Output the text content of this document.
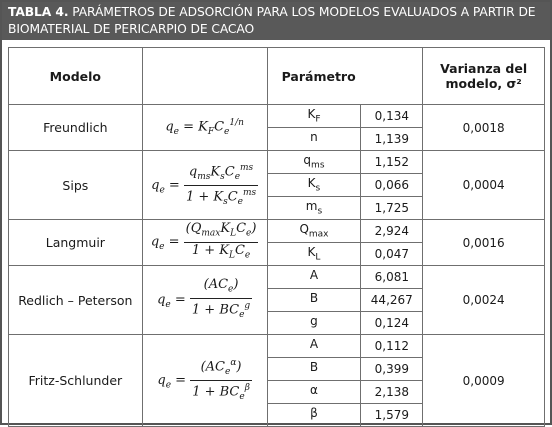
TABLA 4. PARÁMETROS DE ADSORCIÓN PARA LOS MODELOS EVALUADOS A PARTIR DE BIOMATERIAL DE PERICARPIO DE CACAO
Modelo		Parámetro		Varianza del
modelo, σ²
Freundlich	$q_e = K_FC_e^{1/n}$	$K_F$	0,134	0,0018
		n	1,139	
Sips	$q_e = \frac{q_{ms}K_sC_e^{ms}}{1 + K_sC_e^{ms}}$	$q_{ms}$	1,152	0,0004
		$K_s$	0,066	
		$m_s$	1,725	
Langmuir	$q_e = \frac{(Q_{max}K_LC_e)}{1 + K_LC_e}$	$Q_{max}$	2,924	0,0016
		$K_L$	0,047	
Redlich – Peterson	$q_e = \frac{(AC_e)}{1 + BC_e^g}$	A	6,081	0,0024
		B	44,267	
		g	0,124	
Fritz-Schlunder	$q_e = \frac{(AC_e^\alpha)}{1 + BC_e^\beta}$	A	0,112	0,0009
		B	0,399	
		α	2,138	
		β	1,579	
